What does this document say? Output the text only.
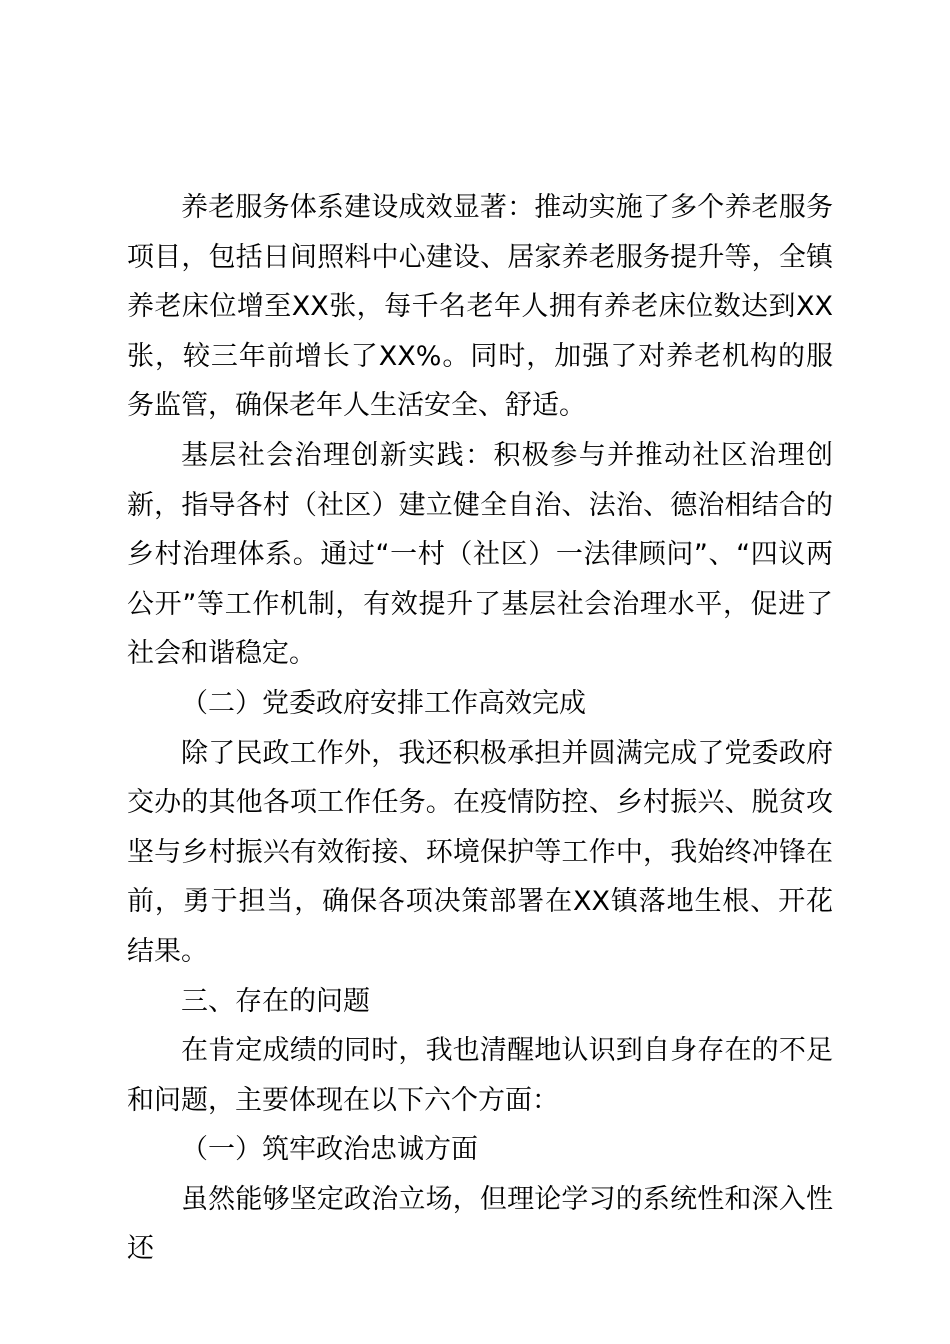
养老服务体系建设成效显著：推动实施了多个养老服务项目，包括日间照料中心建设、居家养老服务提升等，全镇养老床位增至XX张，每千名老年人拥有养老床位数达到XX张，较三年前增长了XX%。同时，加强了对养老机构的服务监管，确保老年人生活安全、舒适。

基层社会治理创新实践：积极参与并推动社区治理创新，指导各村（社区）建立健全自治、法治、德治相结合的乡村治理体系。通过“一村（社区）一法律顾问”、“四议两公开”等工作机制，有效提升了基层社会治理水平，促进了社会和谐稳定。

（二）党委政府安排工作高效完成

除了民政工作外，我还积极承担并圆满完成了党委政府交办的其他各项工作任务。在疫情防控、乡村振兴、脱贫攻坚与乡村振兴有效衔接、环境保护等工作中，我始终冲锋在前，勇于担当，确保各项决策部署在XX镇落地生根、开花结果。

三、存在的问题

在肯定成绩的同时，我也清醒地认识到自身存在的不足和问题，主要体现在以下六个方面：

（一）筑牢政治忠诚方面

虽然能够坚定政治立场，但理论学习的系统性和深入性还
